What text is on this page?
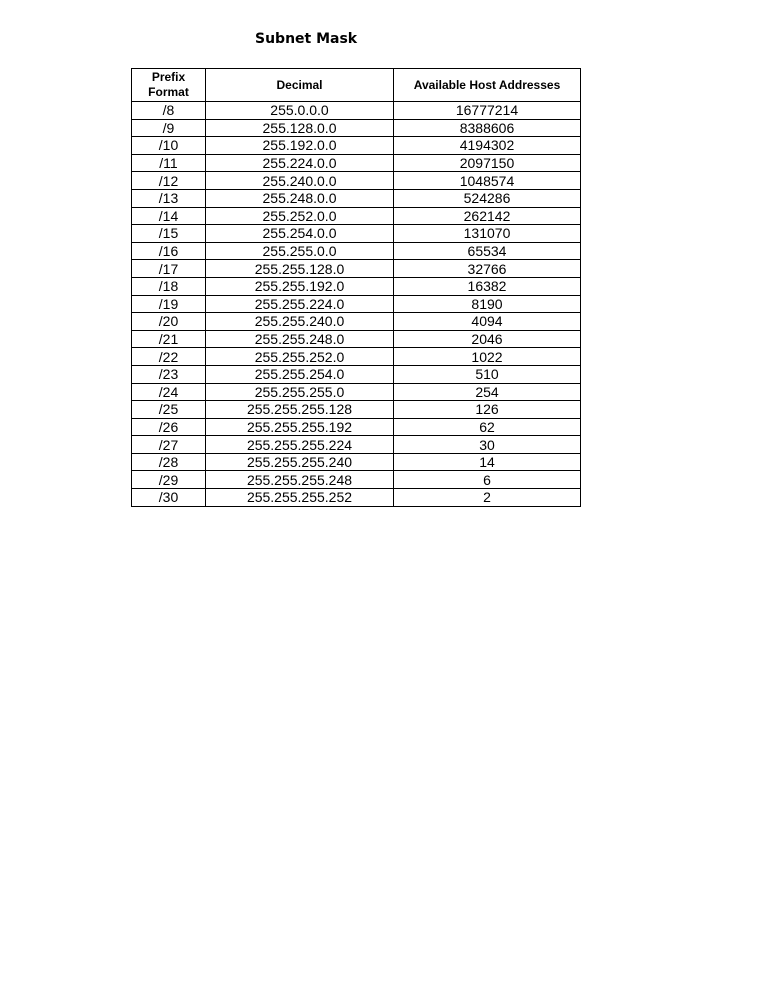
Subnet Mask
Prefix
Format	Decimal	Available Host Addresses
/8	255.0.0.0	16777214
/9	255.128.0.0	8388606
/10	255.192.0.0	4194302
/11	255.224.0.0	2097150
/12	255.240.0.0	1048574
/13	255.248.0.0	524286
/14	255.252.0.0	262142
/15	255.254.0.0	131070
/16	255.255.0.0	65534
/17	255.255.128.0	32766
/18	255.255.192.0	16382
/19	255.255.224.0	8190
/20	255.255.240.0	4094
/21	255.255.248.0	2046
/22	255.255.252.0	1022
/23	255.255.254.0	510
/24	255.255.255.0	254
/25	255.255.255.128	126
/26	255.255.255.192	62
/27	255.255.255.224	30
/28	255.255.255.240	14
/29	255.255.255.248	6
/30	255.255.255.252	2
